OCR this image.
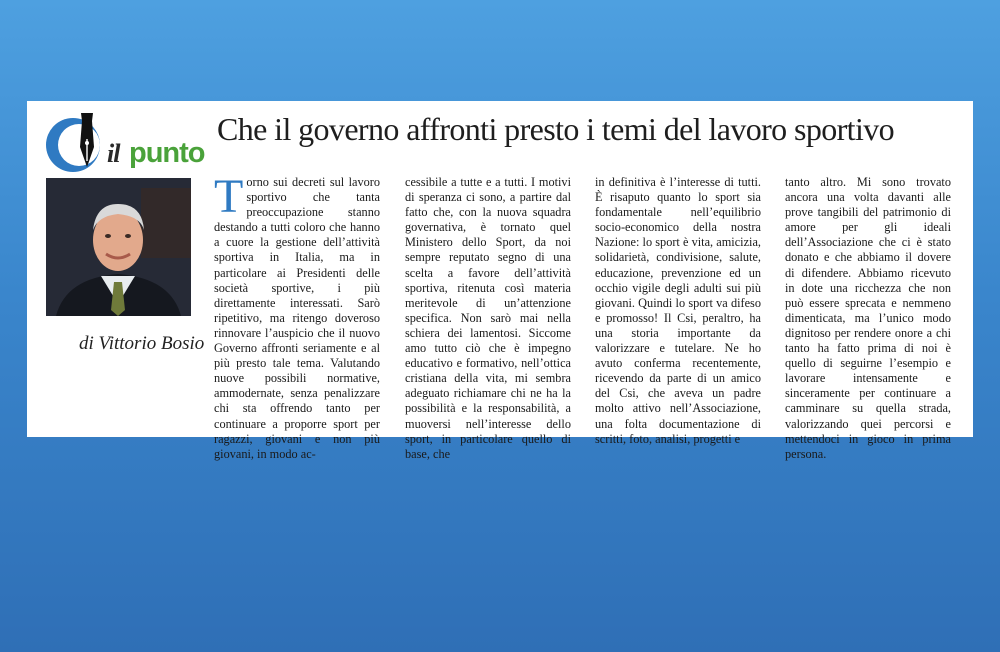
il punto
Che il governo affronti presto i temi del lavoro sportivo
di Vittorio Bosio

Torno sui decreti sul lavoro sportivo che tanta preoccupazione stanno destando a tutti coloro che hanno a cuore la gestione dell’attività sportiva in Italia, ma in particolare ai Presidenti delle società sportive, i più direttamente interessati. Sarò ripetitivo, ma ritengo doveroso rinnovare l’auspicio che il nuovo Governo affronti seriamente e al più presto tale tema. Valutando nuove possibili normative, ammodernate, senza penalizzare chi sta offrendo tanto per continuare a proporre sport per ragazzi, giovani e non più giovani, in modo ac-

cessibile a tutte e a tutti. I motivi di speranza ci sono, a partire dal fatto che, con la nuova squadra governativa, è tornato quel Ministero dello Sport, da noi sempre reputato segno di una scelta a favore dell’attività sportiva, ritenuta così materia meritevole di un’attenzione specifica. Non sarò mai nella schiera dei lamentosi. Siccome amo tutto ciò che è impegno educativo e formativo, nell’ottica cristiana della vita, mi sembra adeguato richiamare chi ne ha la possibilità e la responsabilità, a muoversi nell’interesse dello sport, in particolare quello di base, che

in definitiva è l’interesse di tutti. È risaputo quanto lo sport sia fondamentale nell’equilibrio socio-economico della nostra Nazione: lo sport è vita, amicizia, solidarietà, condivisione, salute, educazione, prevenzione ed un occhio vigile degli adulti sui più giovani. Quindi lo sport va difeso e promosso! Il Csi, peraltro, ha una storia importante da valorizzare e tutelare. Ne ho avuto conferma recentemente, ricevendo da parte di un amico del Csi, che aveva un padre molto attivo nell’Associazione, una folta documentazione di scritti, foto, analisi, progetti e

tanto altro. Mi sono trovato ancora una volta davanti alle prove tangibili del patrimonio di amore per gli ideali dell’Associazione che ci è stato donato e che abbiamo il dovere di difendere. Abbiamo ricevuto in dote una ricchezza che non può essere sprecata e nemmeno dimenticata, ma l’unico modo dignitoso per rendere onore a chi tanto ha fatto prima di noi è quello di seguirne l’esempio e lavorare intensamente e sinceramente per continuare a camminare su quella strada, valorizzando quei percorsi e mettendoci in gioco in prima persona.
